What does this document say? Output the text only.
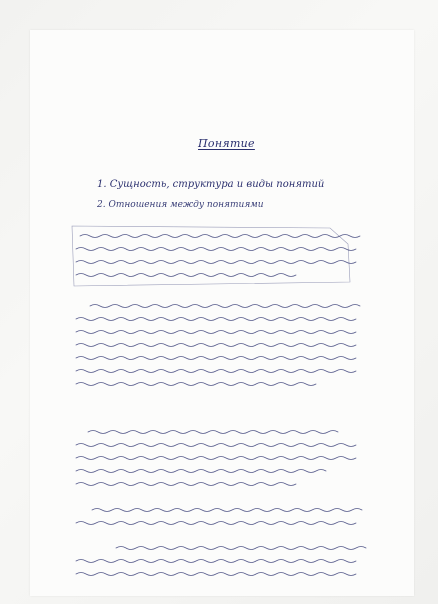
Понятие
1. Сущность, структура и виды понятий
2. Отношения между понятиями
